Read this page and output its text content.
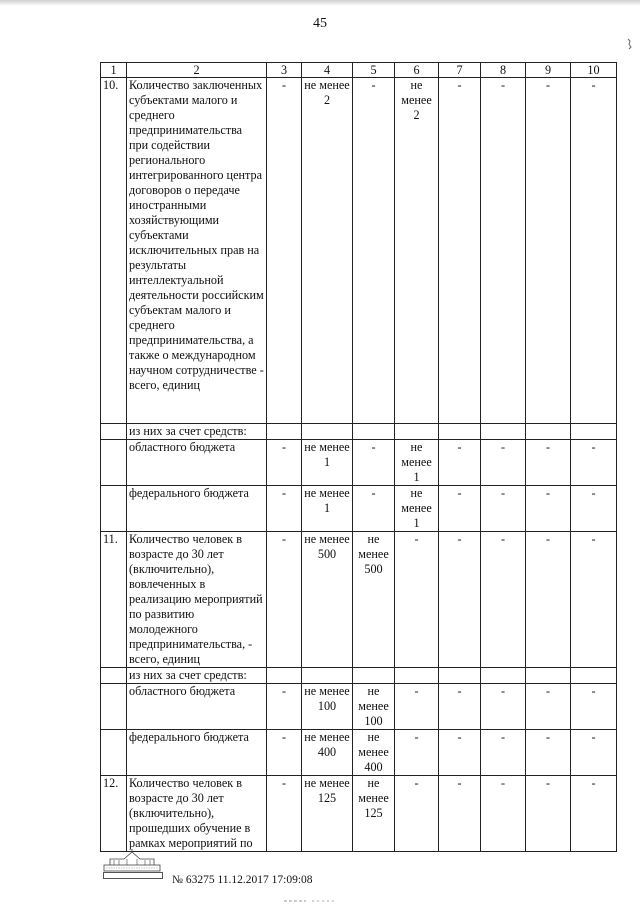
45
1	2	3	4	5	6	7	8	9	10
10.	Количество заключенных субъектами малого и среднего предпринимательства при содействии регионального интегрированного центра договоров о передаче иностранными хозяйствующими субъектами исключительных прав на результаты интеллектуальной деятельности российским субъектам малого и среднего предпринимательства, а также о международном научном сотрудничестве - всего, единиц	-	не менее 2	-	не менее 2	-	-	-	-
	из них за счет средств:								
	областного бюджета	-	не менее 1	-	не менее 1	-	-	-	-
	федерального бюджета	-	не менее 1	-	не менее 1	-	-	-	-
11.	Количество человек в возрасте до 30 лет (включительно), вовлеченных в реализацию мероприятий по развитию молодежного предпринимательства, - всего, единиц	-	не менее 500	не менее 500	-	-	-	-	-
	из них за счет средств:								
	областного бюджета	-	не менее 100	не менее 100	-	-	-	-	-
	федерального бюджета	-	не менее 400	не менее 400	-	-	-	-	-
12.	Количество человек в возрасте до 30 лет (включительно), прошедших обучение в рамках мероприятий по	-	не менее 125	не менее 125	-	-	-	-	-
№ 63275 11.12.2017 17:09:08
